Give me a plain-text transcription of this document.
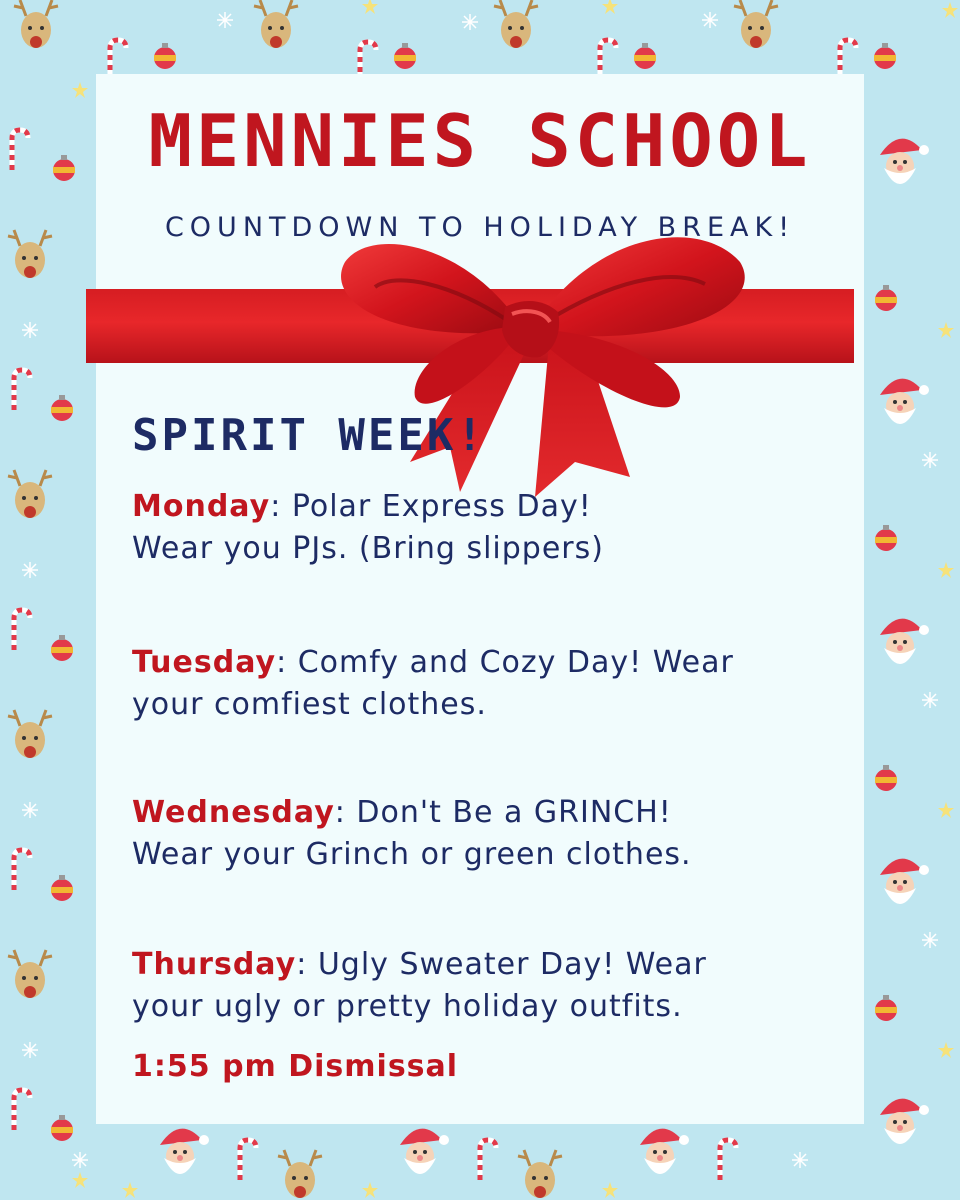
MENNIES SCHOOL

COUNTDOWN TO HOLIDAY BREAK!

SPIRIT WEEK!
Monday: Polar Express Day!
Wear you PJs. (Bring slippers)
Tuesday: Comfy and Cozy Day! Wear
your comfiest clothes.
Wednesday: Don't Be a GRINCH!
Wear your Grinch or green clothes.
Thursday: Ugly Sweater Day! Wear
your ugly or pretty holiday outfits.

1:55 pm Dismissal
